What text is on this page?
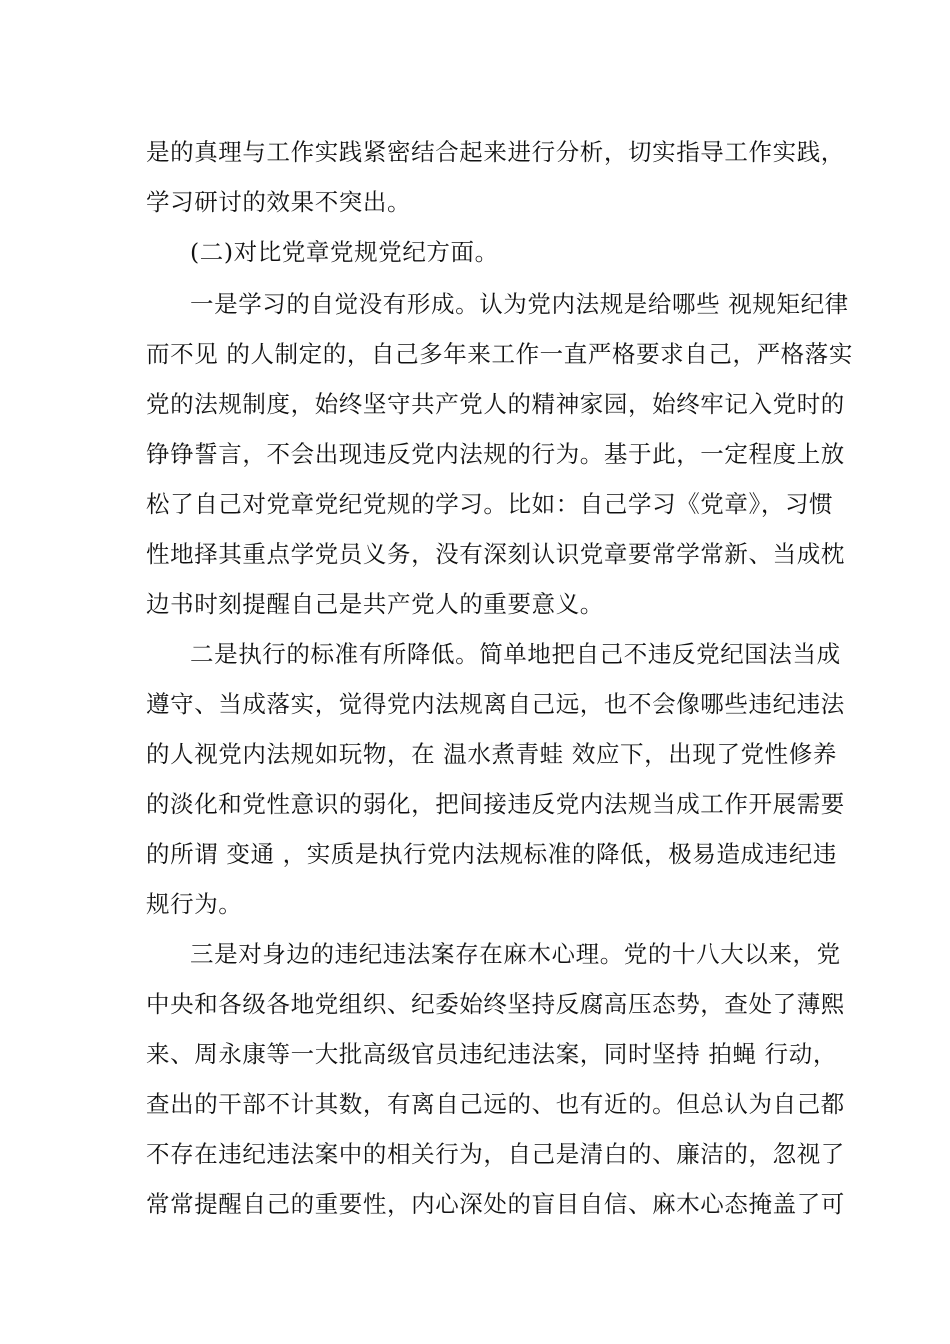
是的真理与工作实践紧密结合起来进行分析，切实指导工作实践，
学习研讨的效果不突出。
(二)对比党章党规党纪方面。
一是学习的自觉没有形成。认为党内法规是给哪些 视规矩纪律
而不见 的人制定的，自己多年来工作一直严格要求自己，严格落实
党的法规制度，始终坚守共产党人的精神家园，始终牢记入党时的
铮铮誓言，不会出现违反党内法规的行为。基于此，一定程度上放
松了自己对党章党纪党规的学习。比如：自己学习《党章》，习惯
性地择其重点学党员义务，没有深刻认识党章要常学常新、当成枕
边书时刻提醒自己是共产党人的重要意义。
二是执行的标准有所降低。简单地把自己不违反党纪国法当成
遵守、当成落实，觉得党内法规离自己远，也不会像哪些违纪违法
的人视党内法规如玩物，在 温水煮青蛙 效应下，出现了党性修养
的淡化和党性意识的弱化，把间接违反党内法规当成工作开展需要
的所谓 变通 ，实质是执行党内法规标准的降低，极易造成违纪违
规行为。
三是对身边的违纪违法案存在麻木心理。党的十八大以来，党
中央和各级各地党组织、纪委始终坚持反腐高压态势，查处了薄熙
来、周永康等一大批高级官员违纪违法案，同时坚持 拍蝇 行动，
查出的干部不计其数，有离自己远的、也有近的。但总认为自己都
不存在违纪违法案中的相关行为，自己是清白的、廉洁的，忽视了
常常提醒自己的重要性，内心深处的盲目自信、麻木心态掩盖了可
